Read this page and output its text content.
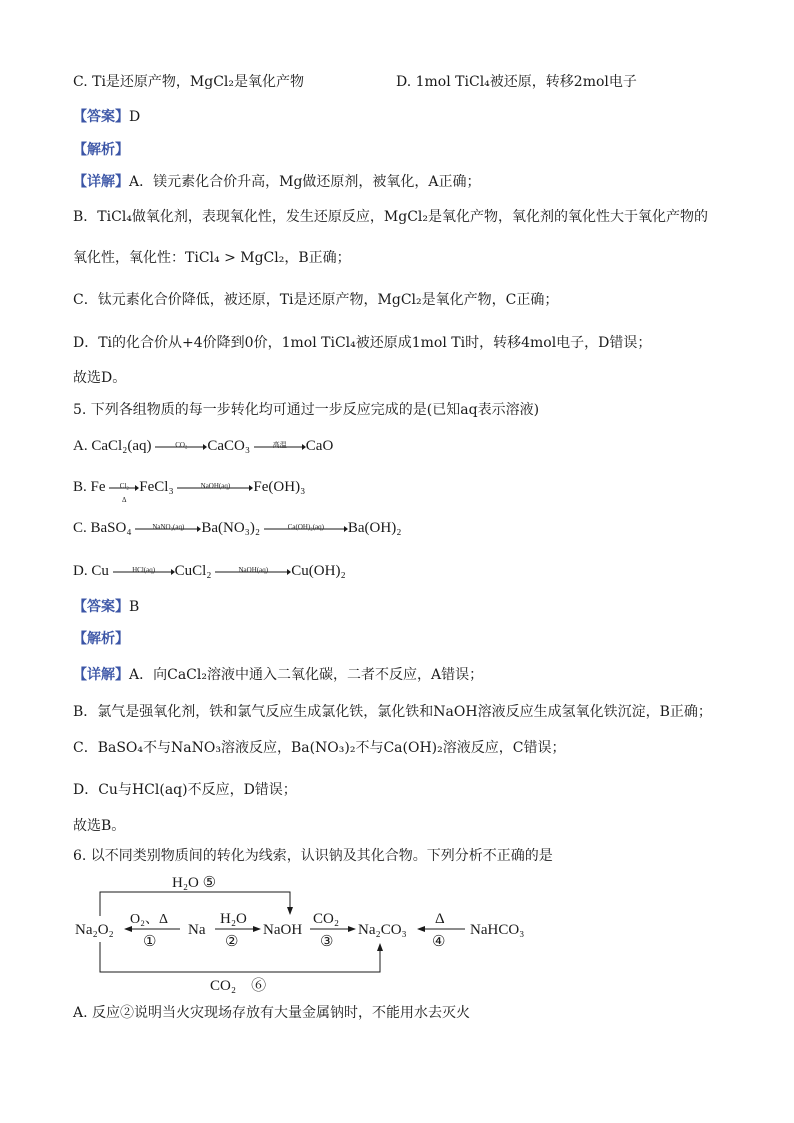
C. Ti是还原产物，MgCl₂是氧化产物	D. 1mol TiCl₄被还原，转移2mol电子
【答案】D
【解析】
【详解】A．镁元素化合价升高，Mg做还原剂，被氧化，A正确；
B．TiCl₄做氧化剂，表现氧化性，发生还原反应，MgCl₂是氧化产物，氧化剂的氧化性大于氧化产物的
氧化性，氧化性：TiCl₄ > MgCl₂，B正确；
C．钛元素化合价降低，被还原，Ti是还原产物，MgCl₂是氧化产物，C正确；
D．Ti的化合价从+4价降到0价，1mol TiCl₄被还原成1mol Ti时，转移4mol电子，D错误；
故选D。
5. 下列各组物质的每一步转化均可通过一步反应完成的是(已知aq表示溶液)
A. CaCl₂(aq)	CO₂	CaCO₃	高温	CaO
B. Fe	Cl₂
Δ
FeCl₃	NaOH(aq)	Fe(OH)₃
C. BaSO₄	NaNO₃(aq)	Ba(NO₃)₂	Ca(OH)₂(aq)	Ba(OH)₂
D. Cu	HCl(aq)	CuCl₂	NaOH(aq)	Cu(OH)₂
【答案】B
【解析】
【详解】A．向CaCl₂溶液中通入二氧化碳，二者不反应，A错误；
B．氯气是强氧化剂，铁和氯气反应生成氯化铁，氯化铁和NaOH溶液反应生成氢氧化铁沉淀，B正确；
C．BaSO₄不与NaNO₃溶液反应，Ba(NO₃)₂不与Ca(OH)₂溶液反应，C错误；
D．Cu与HCl(aq)不反应，D错误；
故选B。
6. 以不同类别物质间的转化为线索，认识钠及其化合物。下列分析不正确的是
Na₂O₂	Na	NaOH	Na₂CO₃	NaHCO₃
O₂、Δ
①
H₂O
②
CO₂
③
Δ
④
H₂O ⑤
CO₂　⑥
A. 反应②说明当火灾现场存放有大量金属钠时，不能用水去灭火
